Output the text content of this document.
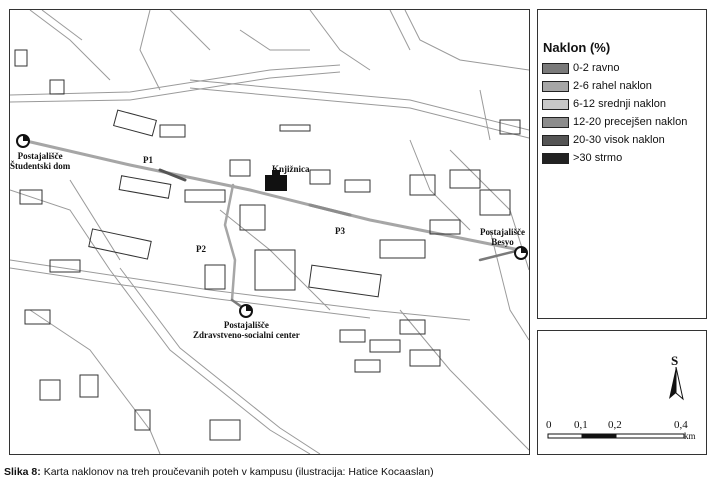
Postajališče
Študentski dom
Postajališče
Besyo
Postajališče
Zdravstveno-socialni center
Knjižnica
P1
P2
P3
Naklon (%)
0-2 ravno
2-6 rahel naklon
6-12 srednji naklon
12-20 precejšen naklon
20-30 visok naklon
>30 strmo
S
0 0,1 0,2	0,4
km
Slika 8: Karta naklonov na treh proučevanih poteh v kampusu (ilustracija: Hatice Kocaaslan)
